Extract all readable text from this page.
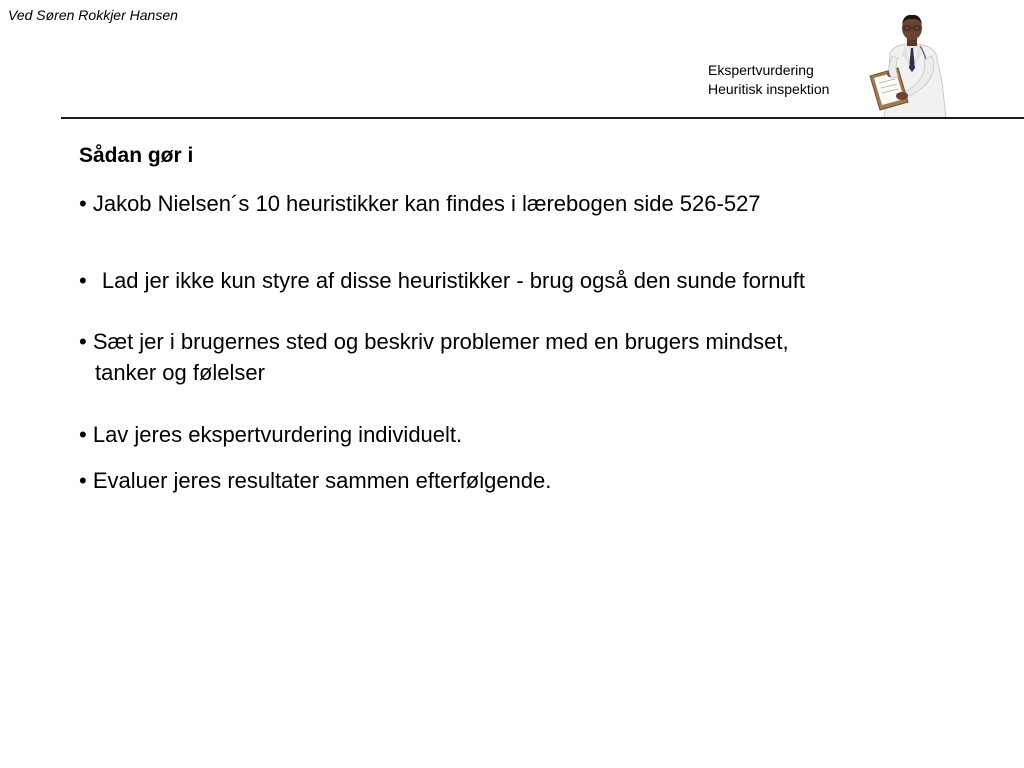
Ved Søren Rokkjer Hansen
Ekspertvurdering
Heuritisk inspektion
Sådan gør i
• Jakob Nielsen´s 10 heuristikker kan findes i lærebogen side 526-527
• Lad jer ikke kun styre af disse heuristikker - brug også den sunde fornuft
• Sæt jer i brugernes sted og beskriv problemer med en brugers mindset,
tanker og følelser
• Lav jeres ekspertvurdering individuelt.
• Evaluer jeres resultater sammen efterfølgende.
